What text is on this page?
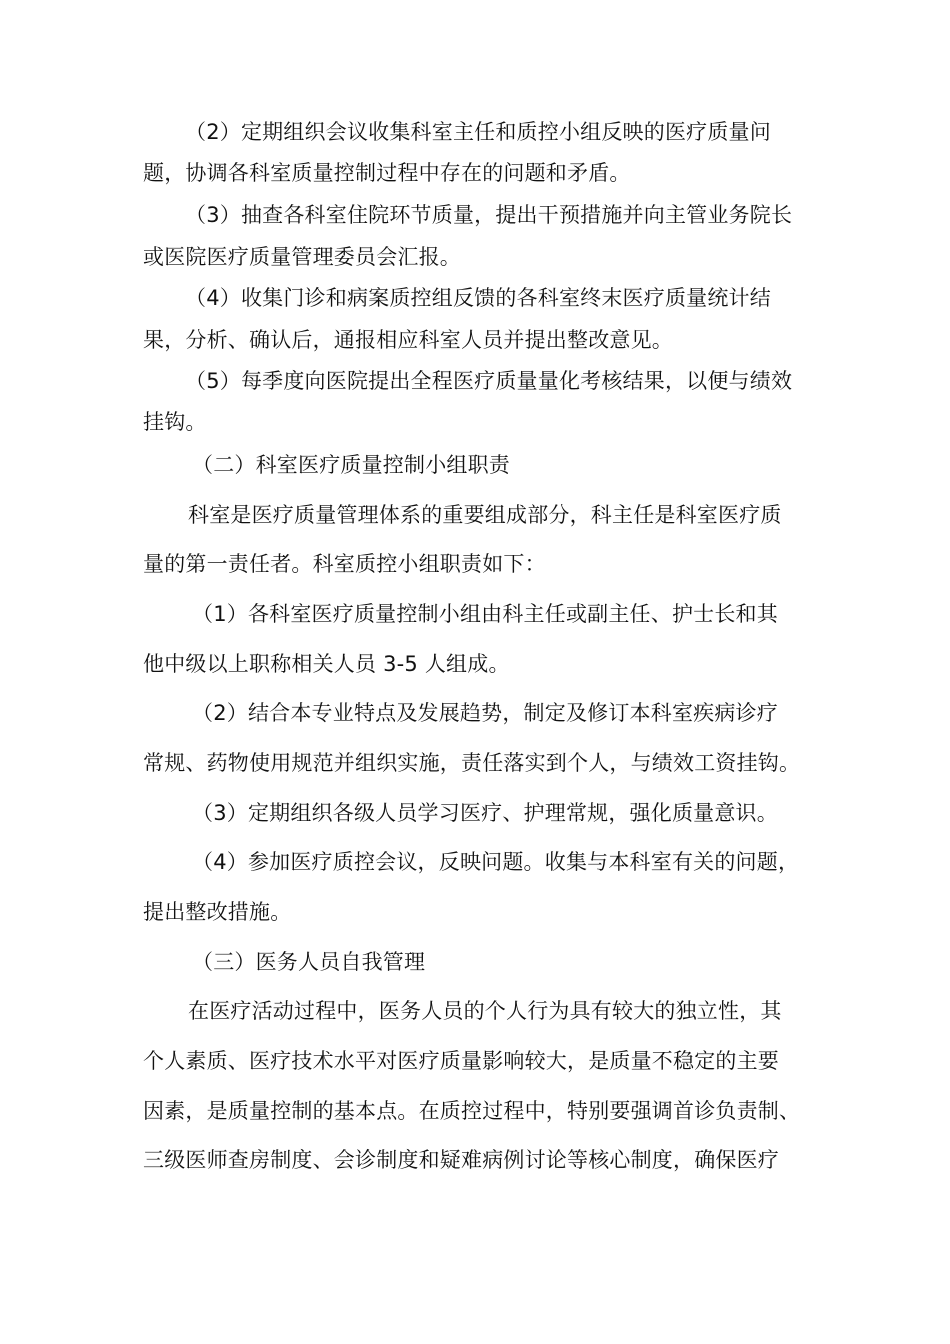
（2）定期组织会议收集科室主任和质控小组反映的医疗质量问
题，协调各科室质量控制过程中存在的问题和矛盾。
（3）抽查各科室住院环节质量，提出干预措施并向主管业务院长
或医院医疗质量管理委员会汇报。
（4）收集门诊和病案质控组反馈的各科室终末医疗质量统计结
果，分析、确认后，通报相应科室人员并提出整改意见。
（5）每季度向医院提出全程医疗质量量化考核结果，以便与绩效
挂钩。
（二）科室医疗质量控制小组职责
科室是医疗质量管理体系的重要组成部分，科主任是科室医疗质
量的第一责任者。科室质控小组职责如下：
（1）各科室医疗质量控制小组由科主任或副主任、护士长和其
他中级以上职称相关人员 3-5 人组成。
（2）结合本专业特点及发展趋势，制定及修订本科室疾病诊疗
常规、药物使用规范并组织实施，责任落实到个人，与绩效工资挂钩。
（3）定期组织各级人员学习医疗、护理常规，强化质量意识。
（4）参加医疗质控会议，反映问题。收集与本科室有关的问题，
提出整改措施。
（三）医务人员自我管理
在医疗活动过程中，医务人员的个人行为具有较大的独立性，其
个人素质、医疗技术水平对医疗质量影响较大，是质量不稳定的主要
因素，是质量控制的基本点。在质控过程中，特别要强调首诊负责制、
三级医师查房制度、会诊制度和疑难病例讨论等核心制度，确保医疗
